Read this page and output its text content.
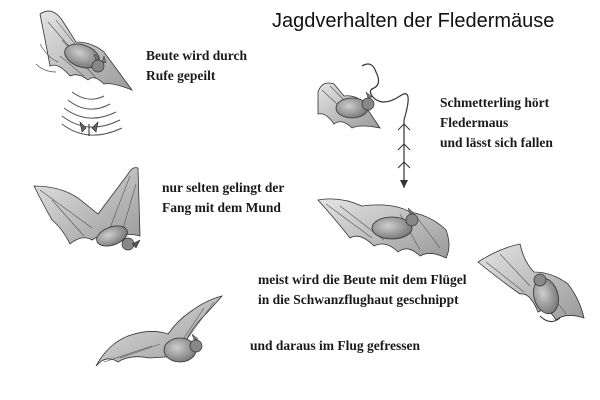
Jagdverhalten der Fledermäuse
Beute wird durch
Rufe gepeilt
Schmetterling hört
Fledermaus
und lässt sich fallen
nur selten gelingt der
Fang mit dem Mund
meist wird die Beute mit dem Flügel
in die Schwanzflughaut geschnippt
und daraus im Flug gefressen
